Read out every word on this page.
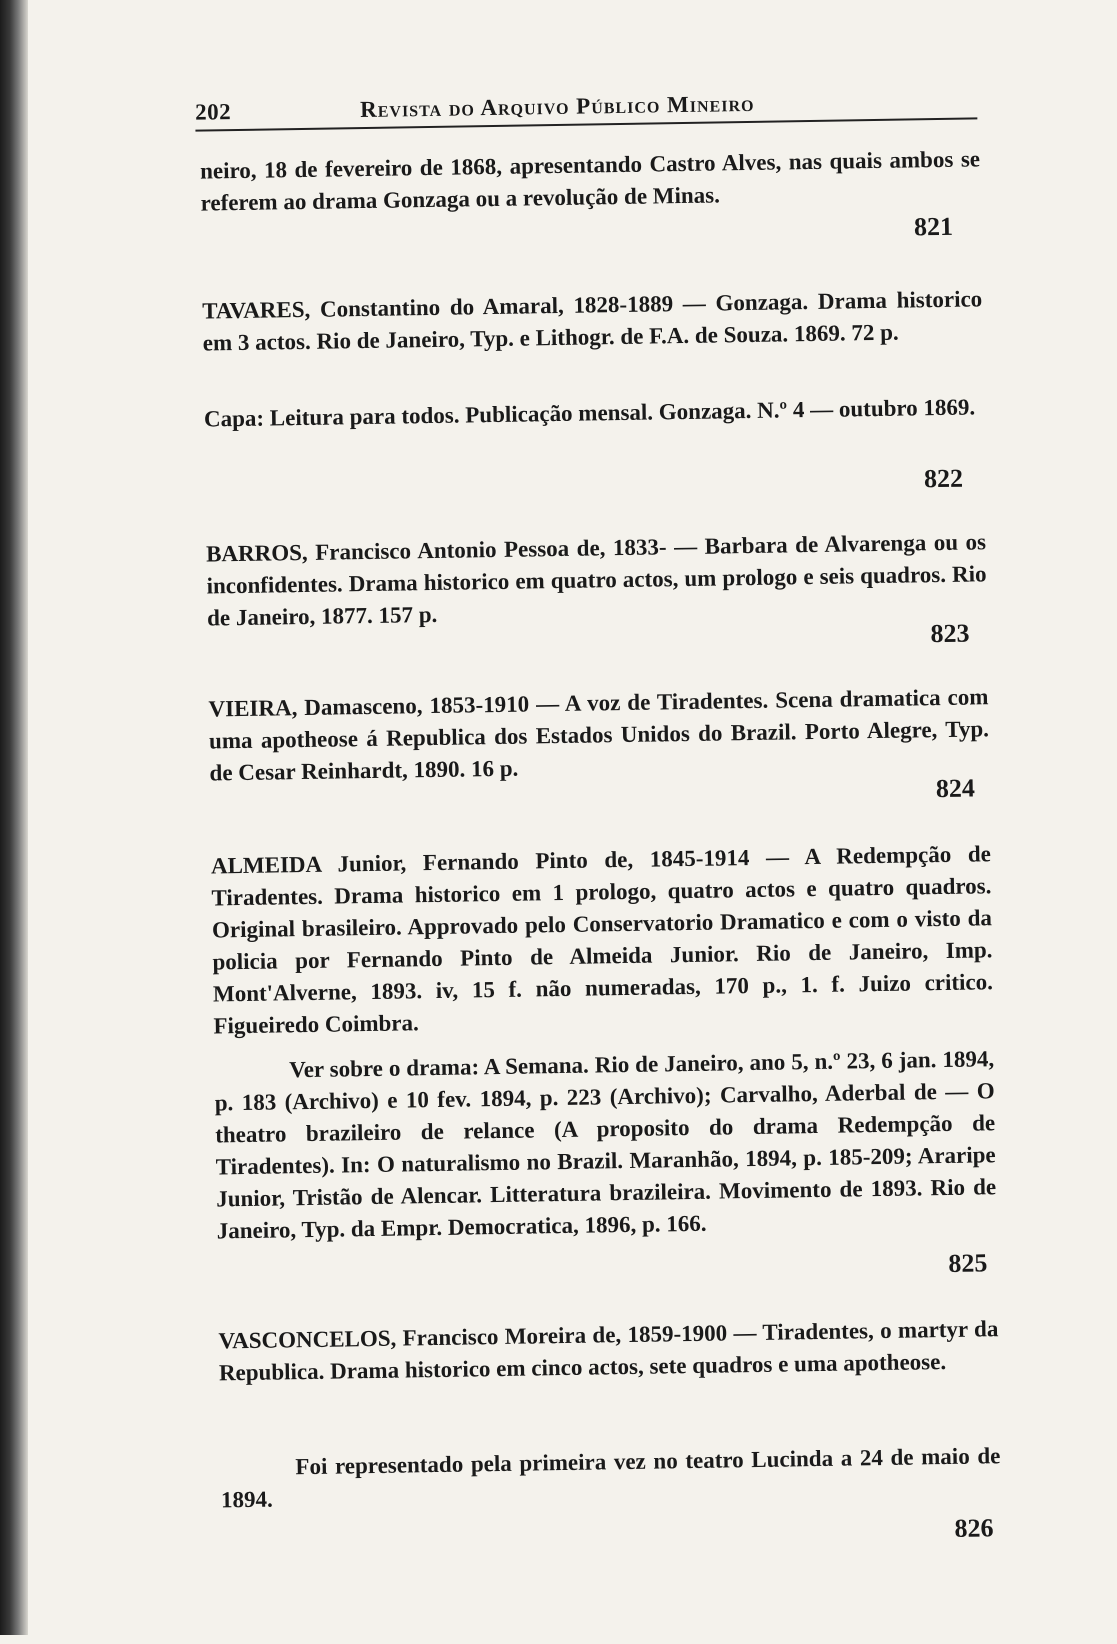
202	Revista do Arquivo Público Mineiro
neiro, 18 de fevereiro de 1868, apresentando Castro Alves, nas quais ambos se referem ao drama Gonzaga ou a revolução de Minas.
821
TAVARES, Constantino do Amaral, 1828-1889 — Gonzaga. Drama historico em 3 actos. Rio de Janeiro, Typ. e Lithogr. de F.A. de Souza. 1869. 72 p.
Capa: Leitura para todos. Publicação mensal. Gonzaga. N.º 4 — outubro 1869.
822
BARROS, Francisco Antonio Pessoa de, 1833- — Barbara de Alvarenga ou os inconfidentes. Drama historico em quatro actos, um prologo e seis quadros. Rio de Janeiro, 1877. 157 p.
823
VIEIRA, Damasceno, 1853-1910 — A voz de Tiradentes. Scena dramatica com uma apotheose á Republica dos Estados Unidos do Brazil. Porto Alegre, Typ. de Cesar Reinhardt, 1890. 16 p.
824
ALMEIDA Junior, Fernando Pinto de, 1845-1914 — A Redempção de Tiradentes. Drama historico em 1 prologo, quatro actos e quatro quadros. Original brasileiro. Approvado pelo Conservatorio Dramatico e com o visto da policia por Fernando Pinto de Almeida Junior. Rio de Janeiro, Imp. Mont'Alverne, 1893. iv, 15 f. não numeradas, 170 p., 1. f. Juizo critico. Figueiredo Coimbra.
Ver sobre o drama: A Semana. Rio de Janeiro, ano 5, n.º 23, 6 jan. 1894, p. 183 (Archivo) e 10 fev. 1894, p. 223 (Archivo); Carvalho, Aderbal de — O theatro brazileiro de relance (A proposito do drama Redempção de Tiradentes). In: O naturalismo no Brazil. Maranhão, 1894, p. 185-209; Araripe Junior, Tristão de Alencar. Litteratura brazileira. Movimento de 1893. Rio de Janeiro, Typ. da Empr. Democratica, 1896, p. 166.
825
VASCONCELOS, Francisco Moreira de, 1859-1900 — Tiradentes, o martyr da Republica. Drama historico em cinco actos, sete quadros e uma apotheose.
Foi representado pela primeira vez no teatro Lucinda a 24 de maio de 1894.
826
